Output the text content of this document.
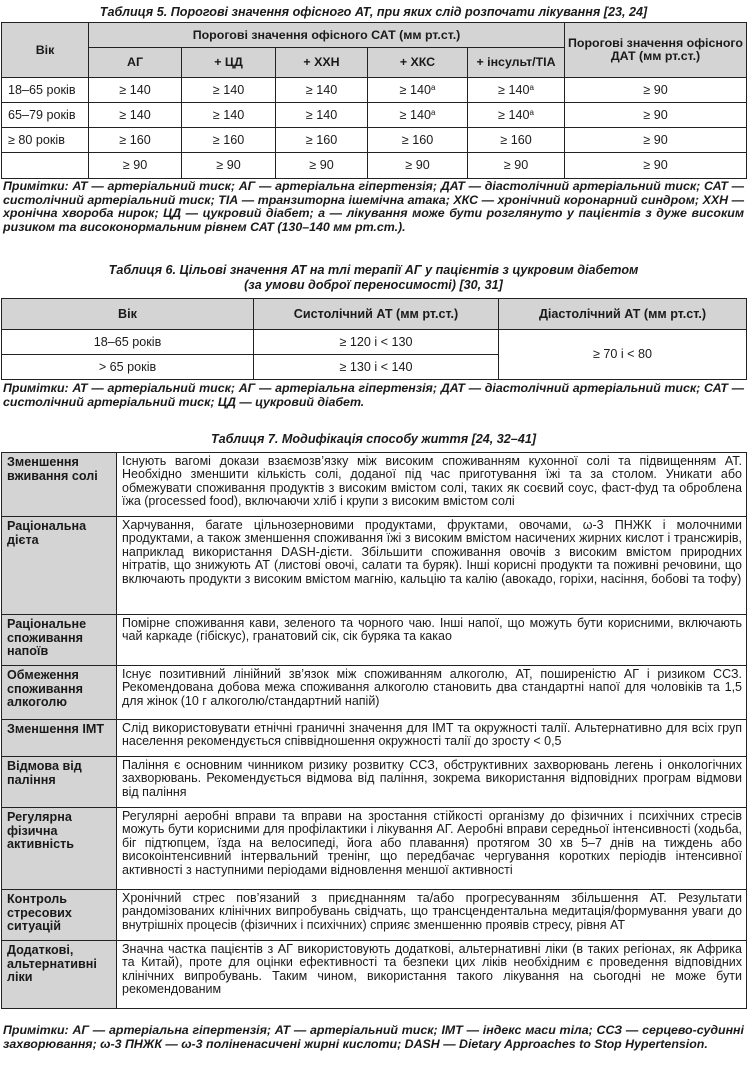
Таблиця 5. Порогові значення офісного АТ, при яких слід розпочати лікування [23, 24]
Вік	Порогові значення офісного САТ (мм рт.ст.)					Порогові значення офісного ДАТ (мм рт.ст.)
	АГ	+ ЦД	+ ХХН	+ ХКС	+ інсульт/ТІА	
18–65 років	≥ 140	≥ 140	≥ 140	≥ $140^а$	≥ $140^а$	≥ 90
65–79 років	≥ 140	≥ 140	≥ 140	≥ $140^а$	≥ $140^а$	≥ 90
≥ 80 років	≥ 160	≥ 160	≥ 160	≥ 160	≥ 160	≥ 90
	≥ 90	≥ 90	≥ 90	≥ 90	≥ 90	≥ 90
Примітки: АТ — артеріальний тиск; АГ — артеріальна гіпертензія; ДАТ — діастолічний артеріальний тиск; САТ — систолічний артеріальний тиск; ТІА — транзиторна ішемічна атака; ХКС — хронічний коронарний синдром; ХХН — хронічна хвороба нирок; ЦД — цукровий діабет; а — лікування може бути розглянуто у пацієнтів з дуже високим ризиком та високонормальним рівнем САТ (130–140 мм рт.ст.).
Таблиця 6. Цільові значення АТ на тлі терапії АГ у пацієнтів з цукровим діабетом
(за умови доброї переносимості) [30, 31]
Вік	Систолічний АТ (мм рт.ст.)	Діастолічний АТ (мм рт.ст.)
18–65 років	≥ 120 і < 130	≥ 70 і < 80
> 65 років	≥ 130 і < 140	
Примітки: АТ — артеріальний тиск; АГ — артеріальна гіпертензія; ДАТ — діастолічний артеріальний тиск; САТ — систолічний артеріальний тиск; ЦД — цукровий діабет.
Таблиця 7. Модифікація способу життя [24, 32–41]
Зменшення вживання солі	Існують вагомі докази взаємозв’язку між високим споживанням кухонної солі та підвищенням АТ. Необхідно зменшити кількість солі, доданої під час приготування їжі та за столом. Уникати або обмежувати споживання продуктів з високим вмістом солі, таких як соєвий соус, фаст-фуд та оброблена їжа (processed food), включаючи хліб і крупи з високим вмістом солі
Раціональна дієта	Харчування, багате цільнозерновими продуктами, фруктами, овочами, ω-3 ПНЖК і молочними продуктами, а також зменшення споживання їжі з високим вмістом насичених жирних кислот і трансжирів, наприклад використання DASH-дієти. Збільшити споживання овочів з високим вмістом природних нітратів, що знижують АТ (листові овочі, салати та буряк). Інші корисні продукти та поживні речовини, що включають продукти з високим вмістом магнію, кальцію та калію (авокадо, горіхи, насіння, бобові та тофу)
Раціональне споживання напоїв	Помірне споживання кави, зеленого та чорного чаю. Інші напої, що можуть бути корисними, включають чай каркаде (гібіскус), гранатовий сік, сік буряка та какао
Обмеження споживання алкоголю	Існує позитивний лінійний зв’язок між споживанням алкоголю, АТ, поширеністю АГ і ризиком ССЗ. Рекомендована добова межа споживання алкоголю становить два стандартні напої для чоловіків та 1,5 для жінок (10 г алкоголю/стандартний напій)
Зменшення ІМТ	Слід використовувати етнічні граничні значення для ІМТ та окружності талії. Альтернативно для всіх груп населення рекомендується співвідношення окружності талії до зросту < 0,5
Відмова від паління	Паління є основним чинником ризику розвитку ССЗ, обструктивних захворювань легень і онкологічних захворювань. Рекомендується відмова від паління, зокрема використання відповідних програм відмови від паління
Регулярна фізична активність	Регулярні аеробні вправи та вправи на зростання стійкості організму до фізичних і психічних стресів можуть бути корисними для профілактики і лікування АГ. Аеробні вправи середньої інтенсивності (ходьба, біг підтюпцем, їзда на велосипеді, йога або плавання) протягом 30 хв 5–7 днів на тиждень або високоінтенсивний інтервальний тренінг, що передбачає чергування коротких періодів інтенсивної активності з наступними періодами відновлення меншої активності
Контроль стресових ситуацій	Хронічний стрес пов’язаний з приєднанням та/або прогресуванням збільшення АТ. Результати рандомізованих клінічних випробувань свідчать, що трансцендентальна медитація/формування уваги до внутрішніх процесів (фізичних і психічних) сприяє зменшенню проявів стресу, рівня АТ
Додаткові, альтернативні ліки	Значна частка пацієнтів з АГ використовують додаткові, альтернативні ліки (в таких регіонах, як Африка та Китай), проте для оцінки ефективності та безпеки цих ліків необхідним є проведення відповідних клінічних випробувань. Таким чином, використання такого лікування на сьогодні не може бути рекомендованим
Примітки: АГ — артеріальна гіпертензія; АТ — артеріальний тиск; ІМТ — індекс маси тіла; ССЗ — серцево-судинні захворювання; ω-3 ПНЖК — ω-3 поліненасичені жирні кислоти; DASH — Dietary Approaches to Stop Hypertension.
